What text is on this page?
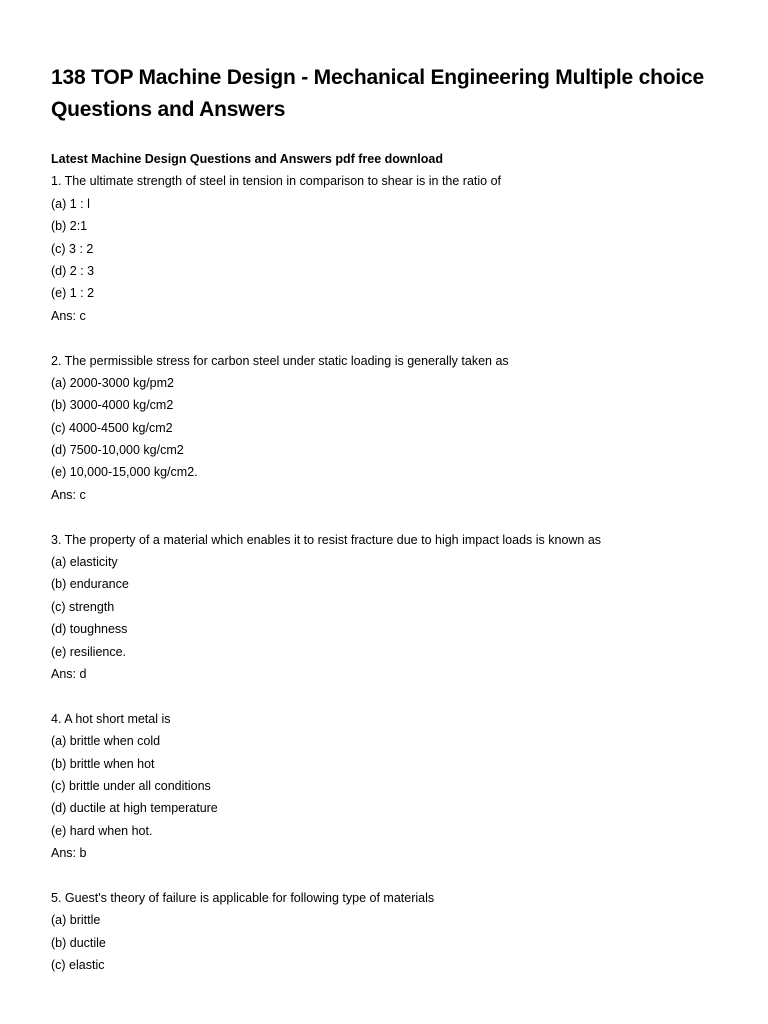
138 TOP Machine Design - Mechanical Engineering Multiple choice Questions and Answers
Latest Machine Design Questions and Answers pdf free download
1. The ultimate strength of steel in tension in comparison to shear is in the ratio of
(a) 1 : l
(b) 2:1
(c) 3 : 2
(d) 2 : 3
(e) 1 : 2
Ans: c
2. The permissible stress for carbon steel under static loading is generally taken as
(a) 2000-3000 kg/pm2
(b) 3000-4000 kg/cm2
(c) 4000-4500 kg/cm2
(d) 7500-10,000 kg/cm2
(e) 10,000-15,000 kg/cm2.
Ans: c
3. The property of a material which enables it to resist fracture due to high impact loads is known as
(a) elasticity
(b) endurance
(c) strength
(d) toughness
(e) resilience.
Ans: d
4. A hot short metal is
(a) brittle when cold
(b) brittle when hot
(c) brittle under all conditions
(d) ductile at high temperature
(e) hard when hot.
Ans: b
5. Guest's theory of failure is applicable for following type of materials
(a) brittle
(b) ductile
(c) elastic
